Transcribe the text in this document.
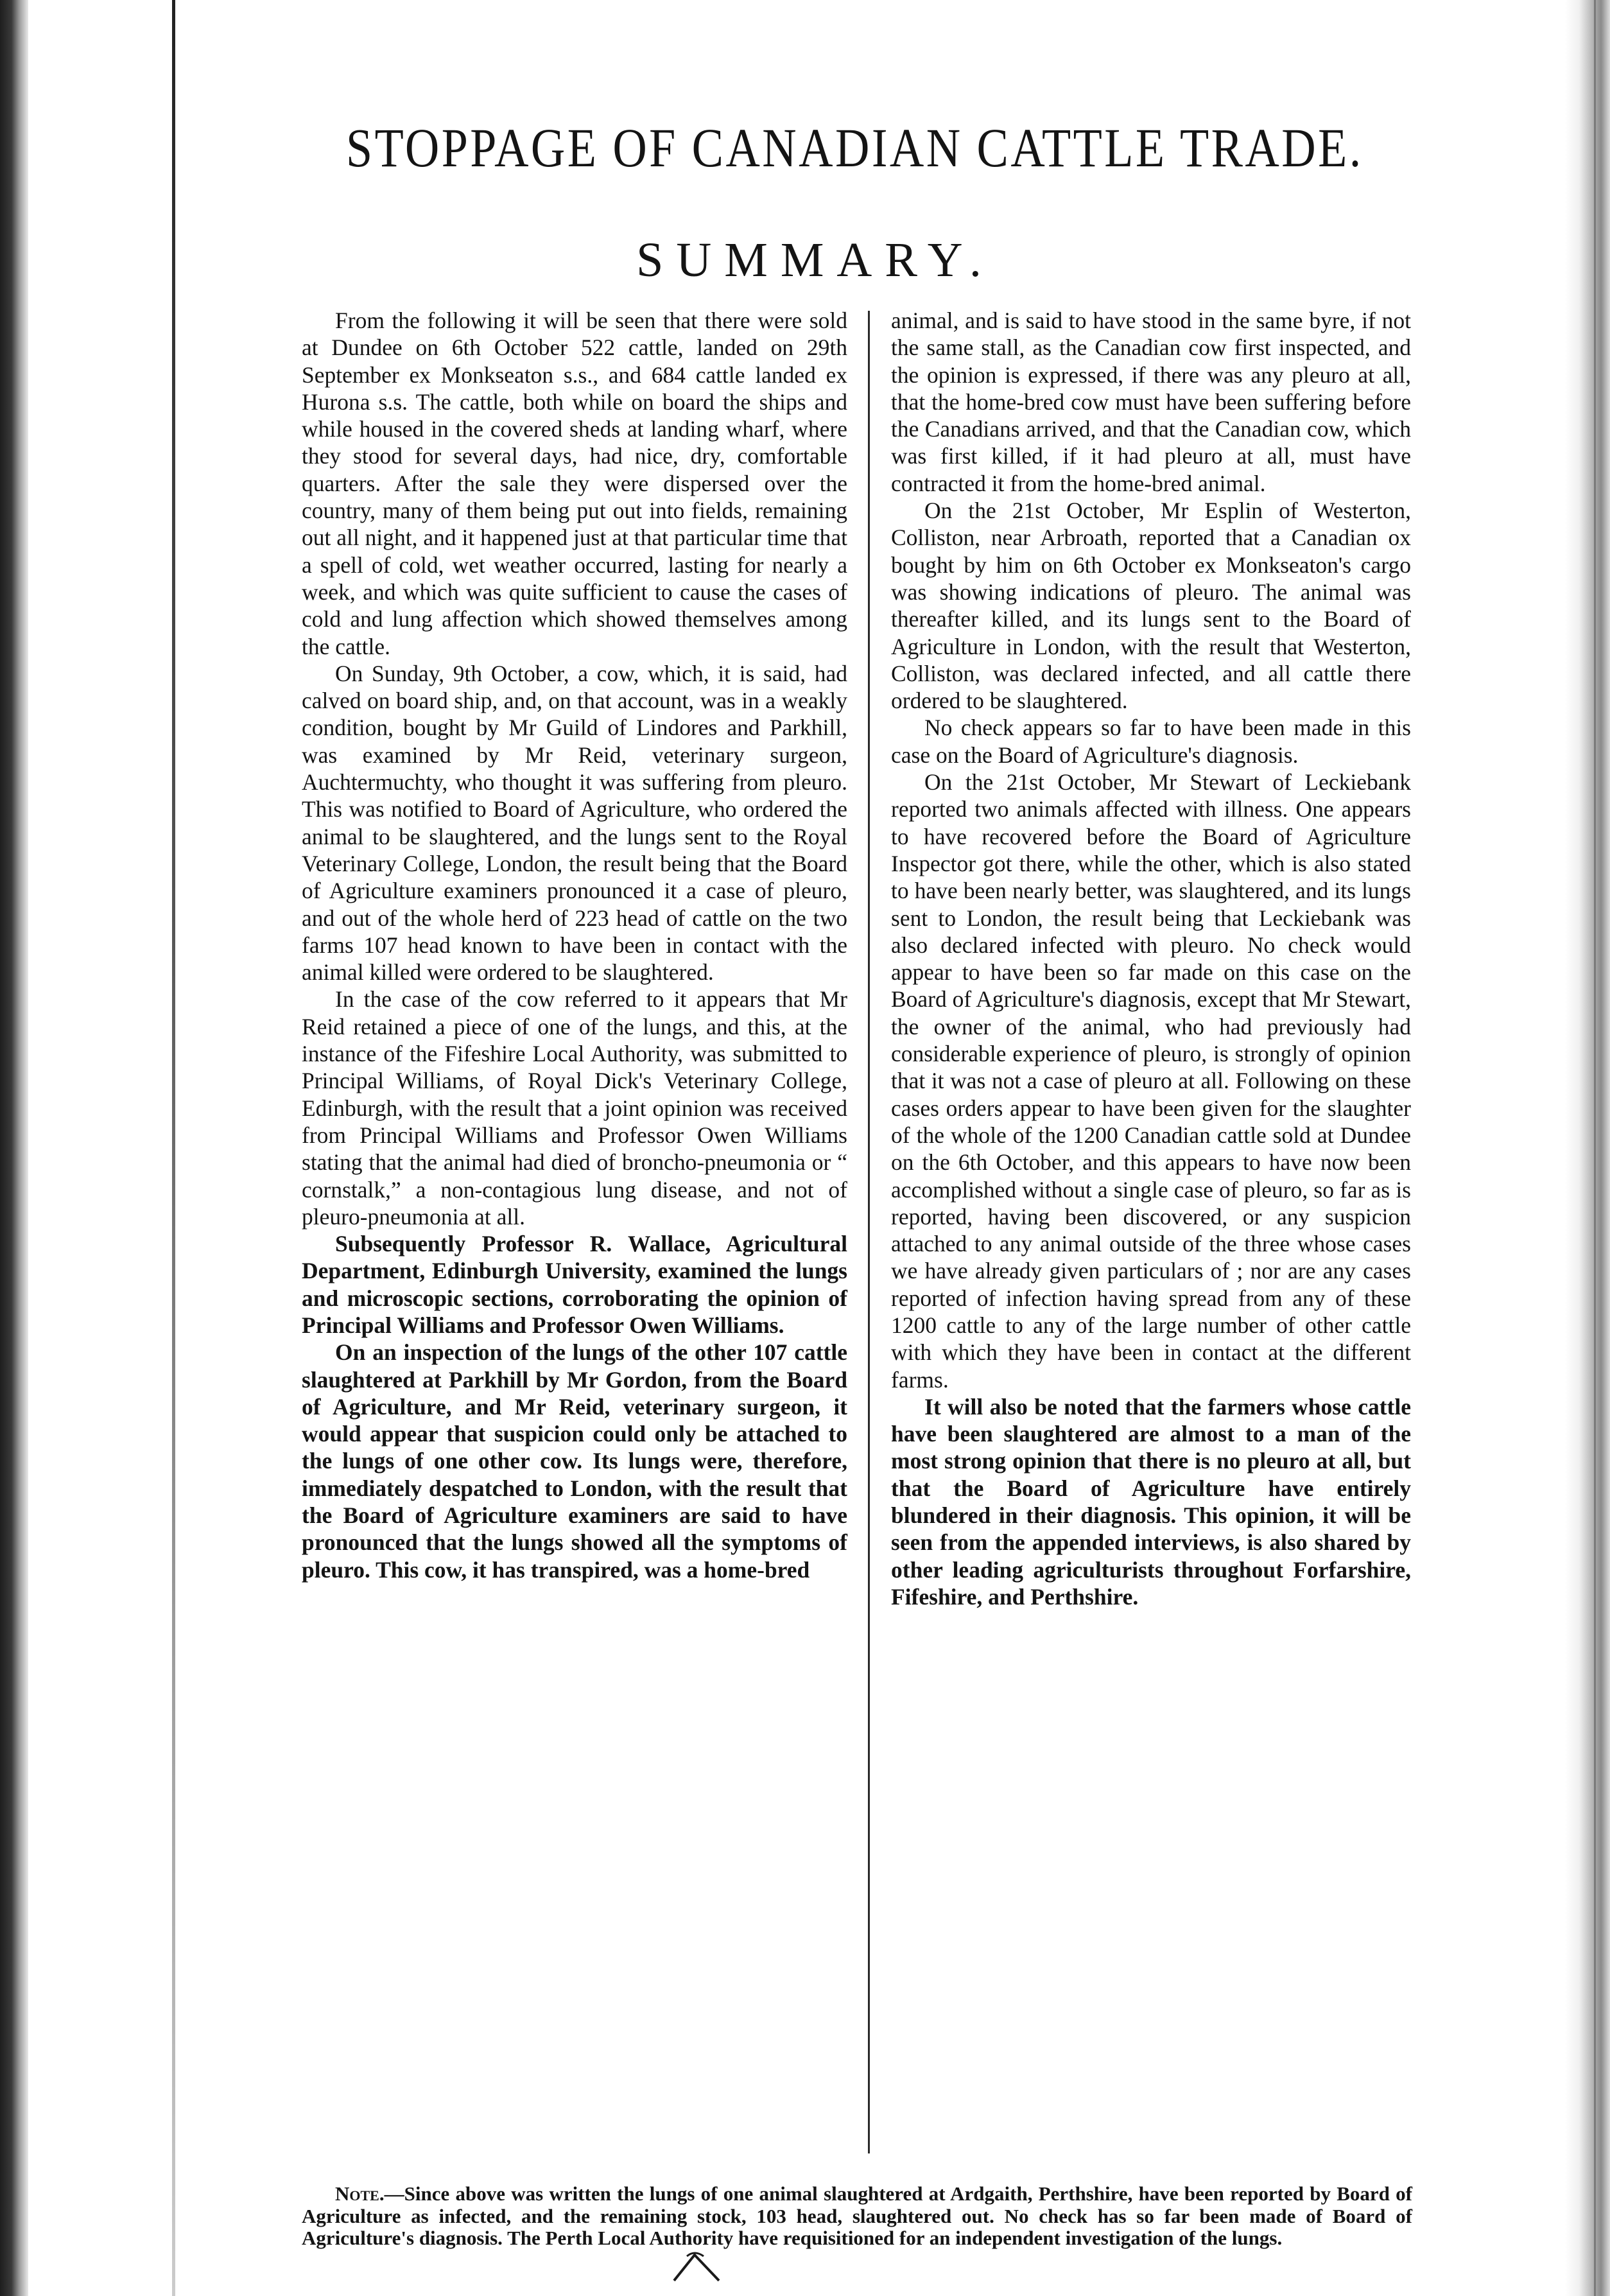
STOPPAGE OF CANADIAN CATTLE TRADE.
SUMMARY.

From the following it will be seen that there were sold at Dundee on 6th October 522 cattle, landed on 29th September ex Monkseaton s.s., and 684 cattle landed ex Hurona s.s. The cattle, both while on board the ships and while housed in the covered sheds at landing wharf, where they stood for several days, had nice, dry, comfortable quarters. After the sale they were dispersed over the country, many of them being put out into fields, remaining out all night, and it happened just at that particular time that a spell of cold, wet weather occurred, lasting for nearly a week, and which was quite sufficient to cause the cases of cold and lung affection which showed themselves among the cattle.

On Sunday, 9th October, a cow, which, it is said, had calved on board ship, and, on that account, was in a weakly condition, bought by Mr Guild of Lindores and Parkhill, was examined by Mr Reid, veterinary surgeon, Auchtermuchty, who thought it was suffering from pleuro. This was notified to Board of Agriculture, who ordered the animal to be slaughtered, and the lungs sent to the Royal Veterinary College, London, the result being that the Board of Agriculture examiners pronounced it a case of pleuro, and out of the whole herd of 223 head of cattle on the two farms 107 head known to have been in contact with the animal killed were ordered to be slaughtered.

In the case of the cow referred to it appears that Mr Reid retained a piece of one of the lungs, and this, at the instance of the Fifeshire Local Authority, was submitted to Principal Williams, of Royal Dick's Veterinary College, Edinburgh, with the result that a joint opinion was received from Principal Williams and Professor Owen Williams stating that the animal had died of broncho-pneumonia or “ cornstalk,” a non-contagious lung disease, and not of pleuro-pneumonia at all.

Subsequently Professor R. Wallace, Agricultural Department, Edinburgh University, examined the lungs and microscopic sections, corroborating the opinion of Principal Williams and Professor Owen Williams.

On an inspection of the lungs of the other 107 cattle slaughtered at Parkhill by Mr Gordon, from the Board of Agriculture, and Mr Reid, veterinary surgeon, it would appear that suspicion could only be attached to the lungs of one other cow. Its lungs were, therefore, immediately despatched to London, with the result that the Board of Agriculture examiners are said to have pronounced that the lungs showed all the symptoms of pleuro. This cow, it has transpired, was a home-bred

animal, and is said to have stood in the same byre, if not the same stall, as the Canadian cow first inspected, and the opinion is expressed, if there was any pleuro at all, that the home-bred cow must have been suffering before the Canadians arrived, and that the Canadian cow, which was first killed, if it had pleuro at all, must have contracted it from the home-bred animal.

On the 21st October, Mr Esplin of Westerton, Colliston, near Arbroath, reported that a Canadian ox bought by him on 6th October ex Monkseaton's cargo was showing indications of pleuro. The animal was thereafter killed, and its lungs sent to the Board of Agriculture in London, with the result that Westerton, Colliston, was declared infected, and all cattle there ordered to be slaughtered.

No check appears so far to have been made in this case on the Board of Agriculture's diagnosis.

On the 21st October, Mr Stewart of Leckiebank reported two animals affected with illness. One appears to have recovered before the Board of Agriculture Inspector got there, while the other, which is also stated to have been nearly better, was slaughtered, and its lungs sent to London, the result being that Leckiebank was also declared infected with pleuro. No check would appear to have been so far made on this case on the Board of Agriculture's diagnosis, except that Mr Stewart, the owner of the animal, who had previously had considerable experience of pleuro, is strongly of opinion that it was not a case of pleuro at all. Following on these cases orders appear to have been given for the slaughter of the whole of the 1200 Canadian cattle sold at Dundee on the 6th October, and this appears to have now been accomplished without a single case of pleuro, so far as is reported, having been discovered, or any suspicion attached to any animal outside of the three whose cases we have already given particulars of ; nor are any cases reported of infection having spread from any of these 1200 cattle to any of the large number of other cattle with which they have been in contact at the different farms.

It will also be noted that the farmers whose cattle have been slaughtered are almost to a man of the most strong opinion that there is no pleuro at all, but that the Board of Agriculture have entirely blundered in their diagnosis. This opinion, it will be seen from the appended interviews, is also shared by other leading agriculturists throughout Forfarshire, Fifeshire, and Perthshire.

Note.—Since above was written the lungs of one animal slaughtered at Ardgaith, Perthshire, have been reported by Board of Agriculture as infected, and the remaining stock, 103 head, slaughtered out. No check has so far been made of Board of Agriculture's diagnosis. The Perth Local Authority have requisitioned for an independent investigation of the lungs.
